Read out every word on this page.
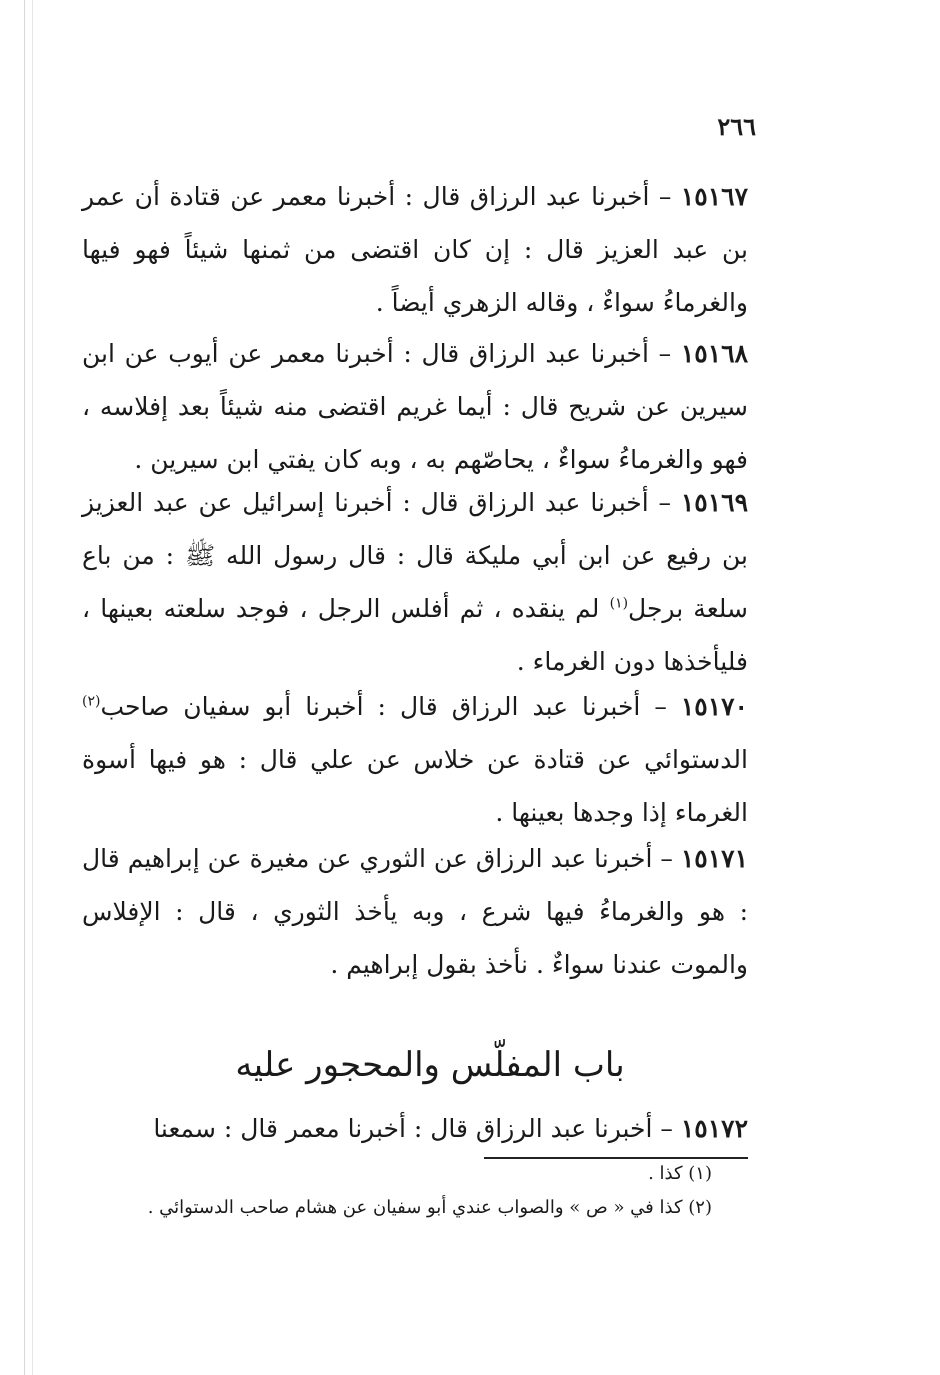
٢٦٦

١٥١٦٧ – أخبرنا عبد الرزاق قال : أخبرنا معمر عن قتادة أن عمر بن عبد العزيز قال : إن كان اقتضى من ثمنها شيئاً فهو فيها والغرماءُ سواءٌ ، وقاله الزهري أيضاً .

١٥١٦٨ – أخبرنا عبد الرزاق قال : أخبرنا معمر عن أيوب عن ابن سيرين عن شريح قال : أيما غريم اقتضى منه شيئاً بعد إفلاسه ، فهو والغرماءُ سواءٌ ، يحاصّهم به ، وبه كان يفتي ابن سيرين .

١٥١٦٩ – أخبرنا عبد الرزاق قال : أخبرنا إسرائيل عن عبد العزيز بن رفيع عن ابن أبي مليكة قال : قال رسول الله ﷺ : من باع سلعة برجل$^{(١)}$ لم ينقده ، ثم أفلس الرجل ، فوجد سلعته بعينها ، فليأخذها دون الغرماء .

١٥١٧٠ – أخبرنا عبد الرزاق قال : أخبرنا أبو سفيان صاحب$^{(٢)}$ الدستوائي عن قتادة عن خلاس عن علي قال : هو فيها أسوة الغرماء إذا وجدها بعينها .

١٥١٧١ – أخبرنا عبد الرزاق عن الثوري عن مغيرة عن إبراهيم قال : هو والغرماءُ فيها شرع ، وبه يأخذ الثوري ، قال : الإفلاس والموت عندنا سواءٌ . نأخذ بقول إبراهيم .

باب المفلّس والمحجور عليه

١٥١٧٢ – أخبرنا عبد الرزاق قال : أخبرنا معمر قال : سمعنا

(١) كذا .
(٢) كذا في « ص » والصواب عندي أبو سفيان عن هشام صاحب الدستوائي .
